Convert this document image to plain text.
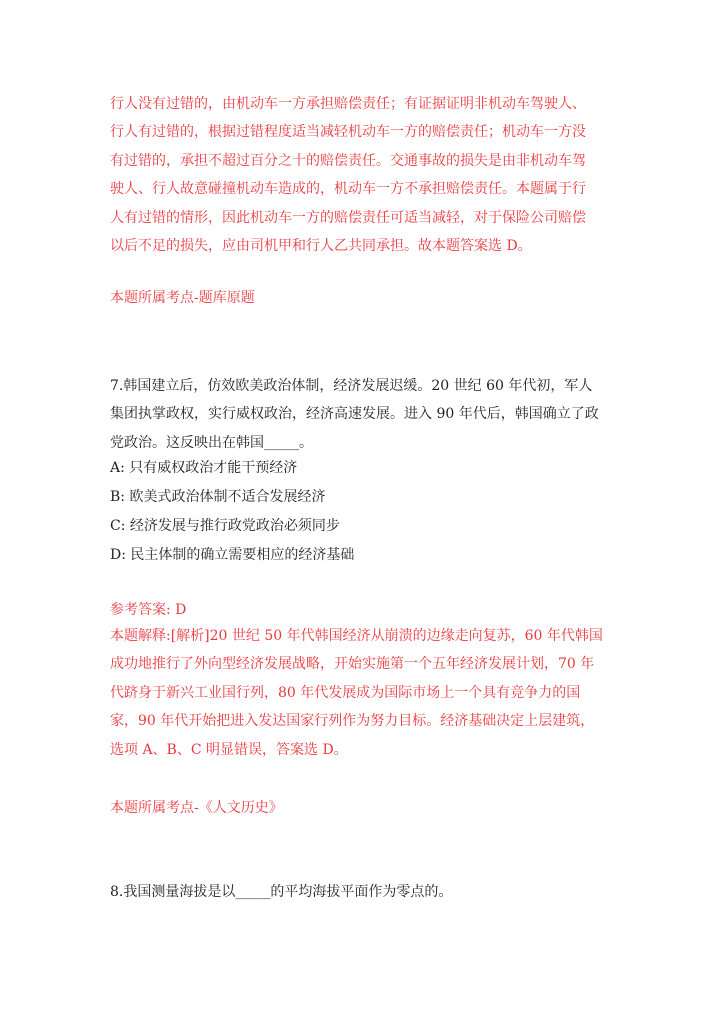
行人没有过错的，由机动车一方承担赔偿责任；有证据证明非机动车驾驶人、
行人有过错的，根据过错程度适当减轻机动车一方的赔偿责任；机动车一方没
有过错的，承担不超过百分之十的赔偿责任。交通事故的损失是由非机动车驾
驶人、行人故意碰撞机动车造成的，机动车一方不承担赔偿责任。本题属于行
人有过错的情形，因此机动车一方的赔偿责任可适当减轻，对于保险公司赔偿
以后不足的损失，应由司机甲和行人乙共同承担。故本题答案选 D。

本题所属考点-题库原题

7.韩国建立后，仿效欧美政治体制，经济发展迟缓。20 世纪 60 年代初，军人
集团执掌政权，实行威权政治，经济高速发展。进入 90 年代后，韩国确立了政
党政治。这反映出在韩国_____。

A: 只有威权政治才能干预经济

B: 欧美式政治体制不适合发展经济

C: 经济发展与推行政党政治必须同步

D: 民主体制的确立需要相应的经济基础

参考答案: D

本题解释:[解析]20 世纪 50 年代韩国经济从崩溃的边缘走向复苏，60 年代韩国
成功地推行了外向型经济发展战略，开始实施第一个五年经济发展计划，70 年
代跻身于新兴工业国行列，80 年代发展成为国际市场上一个具有竞争力的国
家，90 年代开始把进入发达国家行列作为努力目标。经济基础决定上层建筑，
选项 A、B、C 明显错误，答案选 D。

本题所属考点-《人文历史》

8.我国测量海拔是以_____的平均海拔平面作为零点的。
